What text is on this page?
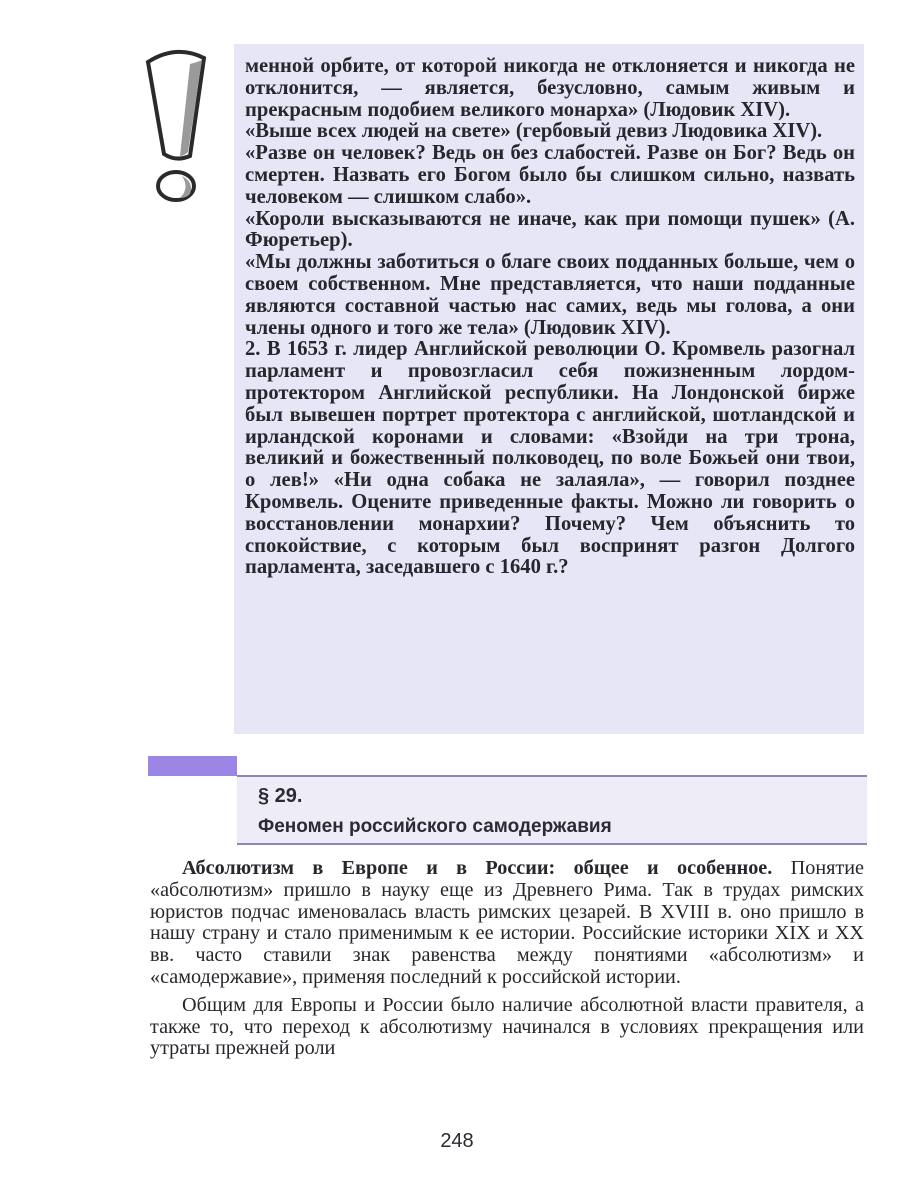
менной орбите, от которой никогда не отклоняется и никогда не отклонится, — является, безусловно, самым живым и прекрасным подобием великого монарха» (Людовик XIV).

«Выше всех людей на свете» (гербовый девиз Людовика XIV).

«Разве он человек? Ведь он без слабостей. Разве он Бог? Ведь он смертен. Назвать его Богом было бы слишком сильно, назвать человеком — слишком слабо».

«Короли высказываются не иначе, как при помощи пушек» (А. Фюретьер).

«Мы должны заботиться о благе своих подданных больше, чем о своем собственном. Мне представляется, что наши подданные являются составной частью нас самих, ведь мы голова, а они члены одного и того же тела» (Людовик XIV).

2. В 1653 г. лидер Английской революции О. Кромвель разогнал парламент и провозгласил себя пожизненным лордом-протектором Английской республики. На Лондонской бирже был вывешен портрет протектора с английской, шотландской и ирландской коронами и словами: «Взойди на три трона, великий и божественный полководец, по воле Божьей они твои, о лев!» «Ни одна собака не залаяла», — говорил позднее Кромвель. Оцените приведенные факты. Можно ли говорить о восстановлении монархии? Почему? Чем объяснить то спокойствие, с которым был воспринят разгон Долгого парламента, заседавшего с 1640 г.?

§ 29.
Феномен российского самодержавия

Абсолютизм в Европе и в России: общее и особенное. Понятие «абсолютизм» пришло в науку еще из Древнего Рима. Так в трудах римских юристов подчас именовалась власть римских цезарей. В XVIII в. оно пришло в нашу страну и стало применимым к ее истории. Российские историки XIX и XX вв. часто ставили знак равенства между понятиями «абсолютизм» и «самодержавие», применяя последний к российской истории.

Общим для Европы и России было наличие абсолютной власти правителя, а также то, что переход к абсолютизму начинался в условиях прекращения или утраты прежней роли

248
